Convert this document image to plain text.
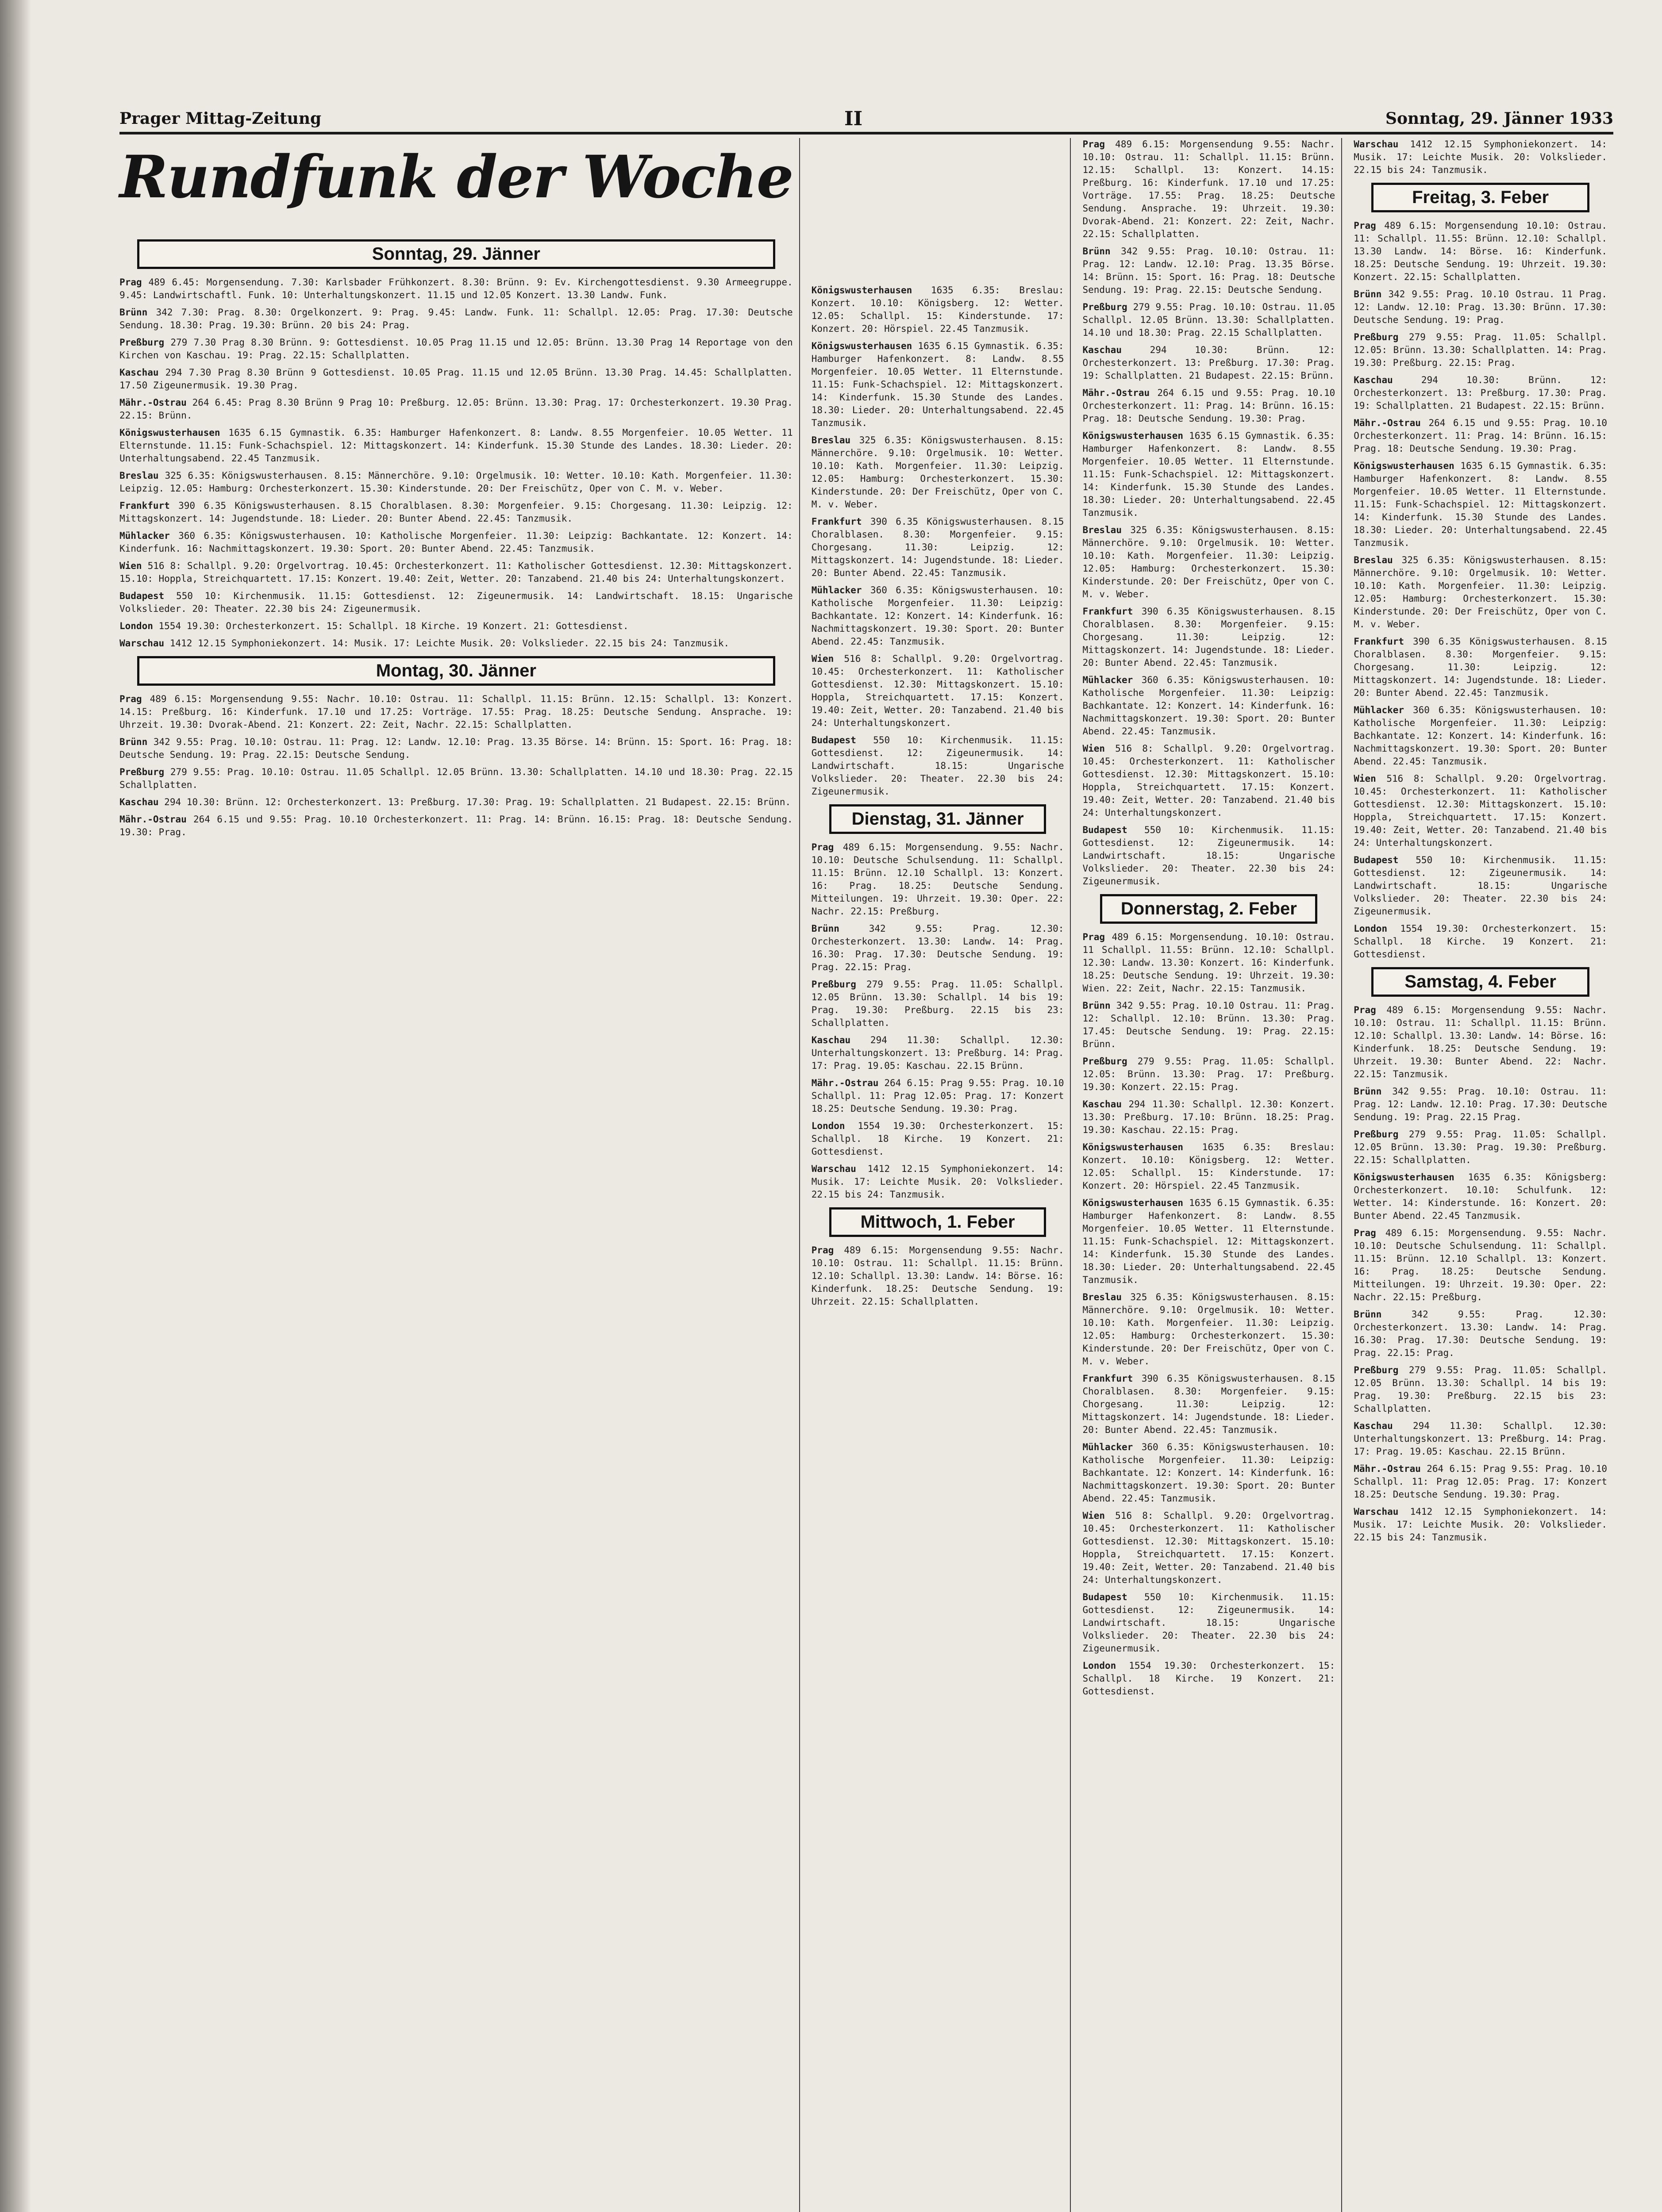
Prager Mittag-Zeitung	II	Sonntag, 29. Jänner 1933
Rundfunk der Woche
Sonntag, 29. Jänner

Prag 489 6.45: Morgensendung. 7.30: Karlsbader Frühkonzert. 8.30: Brünn. 9: Ev. Kirchengottesdienst. 9.30 Armeegruppe. 9.45: Landwirtschaftl. Funk. 10: Unterhaltungskonzert. 11.15 und 12.05 Konzert. 13.30 Landw. Funk.

Brünn 342 7.30: Prag. 8.30: Orgelkonzert. 9: Prag. 9.45: Landw. Funk. 11: Schallpl. 12.05: Prag. 17.30: Deutsche Sendung. 18.30: Prag. 19.30: Brünn. 20 bis 24: Prag.

Preßburg 279 7.30 Prag 8.30 Brünn. 9: Gottesdienst. 10.05 Prag 11.15 und 12.05: Brünn. 13.30 Prag 14 Reportage von den Kirchen von Kaschau. 19: Prag. 22.15: Schallplatten.

Kaschau 294 7.30 Prag 8.30 Brünn 9 Gottesdienst. 10.05 Prag. 11.15 und 12.05 Brünn. 13.30 Prag. 14.45: Schallplatten. 17.50 Zigeunermusik. 19.30 Prag.

Mähr.-Ostrau 264 6.45: Prag 8.30 Brünn 9 Prag 10: Preßburg. 12.05: Brünn. 13.30: Prag. 17: Orchesterkonzert. 19.30 Prag. 22.15: Brünn.

Königswusterhausen 1635 6.15 Gymnastik. 6.35: Hamburger Hafenkonzert. 8: Landw. 8.55 Morgenfeier. 10.05 Wetter. 11 Elternstunde. 11.15: Funk-Schachspiel. 12: Mittagskonzert. 14: Kinderfunk. 15.30 Stunde des Landes. 18.30: Lieder. 20: Unterhaltungsabend. 22.45 Tanzmusik.

Breslau 325 6.35: Königswusterhausen. 8.15: Männerchöre. 9.10: Orgelmusik. 10: Wetter. 10.10: Kath. Morgenfeier. 11.30: Leipzig. 12.05: Hamburg: Orchesterkonzert. 15.30: Kinderstunde. 20: Der Freischütz, Oper von C. M. v. Weber.

Frankfurt 390 6.35 Königswusterhausen. 8.15 Choralblasen. 8.30: Morgenfeier. 9.15: Chorgesang. 11.30: Leipzig. 12: Mittagskonzert. 14: Jugendstunde. 18: Lieder. 20: Bunter Abend. 22.45: Tanzmusik.

Mühlacker 360 6.35: Königswusterhausen. 10: Katholische Morgenfeier. 11.30: Leipzig: Bachkantate. 12: Konzert. 14: Kinderfunk. 16: Nachmittagskonzert. 19.30: Sport. 20: Bunter Abend. 22.45: Tanzmusik.

Wien 516 8: Schallpl. 9.20: Orgelvortrag. 10.45: Orchesterkonzert. 11: Katholischer Gottesdienst. 12.30: Mittagskonzert. 15.10: Hoppla, Streichquartett. 17.15: Konzert. 19.40: Zeit, Wetter. 20: Tanzabend. 21.40 bis 24: Unterhaltungskonzert.

Budapest 550 10: Kirchenmusik. 11.15: Gottesdienst. 12: Zigeunermusik. 14: Landwirtschaft. 18.15: Ungarische Volkslieder. 20: Theater. 22.30 bis 24: Zigeunermusik.

London 1554 19.30: Orchesterkonzert. 15: Schallpl. 18 Kirche. 19 Konzert. 21: Gottesdienst.

Warschau 1412 12.15 Symphoniekonzert. 14: Musik. 17: Leichte Musik. 20: Volkslieder. 22.15 bis 24: Tanzmusik.

Montag, 30. Jänner

Prag 489 6.15: Morgensendung 9.55: Nachr. 10.10: Ostrau. 11: Schallpl. 11.15: Brünn. 12.15: Schallpl. 13: Konzert. 14.15: Preßburg. 16: Kinderfunk. 17.10 und 17.25: Vorträge. 17.55: Prag. 18.25: Deutsche Sendung. Ansprache. 19: Uhrzeit. 19.30: Dvorak-Abend. 21: Konzert. 22: Zeit, Nachr. 22.15: Schallplatten.

Brünn 342 9.55: Prag. 10.10: Ostrau. 11: Prag. 12: Landw. 12.10: Prag. 13.35 Börse. 14: Brünn. 15: Sport. 16: Prag. 18: Deutsche Sendung. 19: Prag. 22.15: Deutsche Sendung.

Preßburg 279 9.55: Prag. 10.10: Ostrau. 11.05 Schallpl. 12.05 Brünn. 13.30: Schallplatten. 14.10 und 18.30: Prag. 22.15 Schallplatten.

Kaschau 294 10.30: Brünn. 12: Orchesterkonzert. 13: Preßburg. 17.30: Prag. 19: Schallplatten. 21 Budapest. 22.15: Brünn.

Mähr.-Ostrau 264 6.15 und 9.55: Prag. 10.10 Orchesterkonzert. 11: Prag. 14: Brünn. 16.15: Prag. 18: Deutsche Sendung. 19.30: Prag.

Königswusterhausen 1635 6.35: Breslau: Konzert. 10.10: Königsberg. 12: Wetter. 12.05: Schallpl. 15: Kinderstunde. 17: Konzert. 20: Hörspiel. 22.45 Tanzmusik.

Königswusterhausen 1635 6.15 Gymnastik. 6.35: Hamburger Hafenkonzert. 8: Landw. 8.55 Morgenfeier. 10.05 Wetter. 11 Elternstunde. 11.15: Funk-Schachspiel. 12: Mittagskonzert. 14: Kinderfunk. 15.30 Stunde des Landes. 18.30: Lieder. 20: Unterhaltungsabend. 22.45 Tanzmusik.

Breslau 325 6.35: Königswusterhausen. 8.15: Männerchöre. 9.10: Orgelmusik. 10: Wetter. 10.10: Kath. Morgenfeier. 11.30: Leipzig. 12.05: Hamburg: Orchesterkonzert. 15.30: Kinderstunde. 20: Der Freischütz, Oper von C. M. v. Weber.

Frankfurt 390 6.35 Königswusterhausen. 8.15 Choralblasen. 8.30: Morgenfeier. 9.15: Chorgesang. 11.30: Leipzig. 12: Mittagskonzert. 14: Jugendstunde. 18: Lieder. 20: Bunter Abend. 22.45: Tanzmusik.

Mühlacker 360 6.35: Königswusterhausen. 10: Katholische Morgenfeier. 11.30: Leipzig: Bachkantate. 12: Konzert. 14: Kinderfunk. 16: Nachmittagskonzert. 19.30: Sport. 20: Bunter Abend. 22.45: Tanzmusik.

Wien 516 8: Schallpl. 9.20: Orgelvortrag. 10.45: Orchesterkonzert. 11: Katholischer Gottesdienst. 12.30: Mittagskonzert. 15.10: Hoppla, Streichquartett. 17.15: Konzert. 19.40: Zeit, Wetter. 20: Tanzabend. 21.40 bis 24: Unterhaltungskonzert.

Budapest 550 10: Kirchenmusik. 11.15: Gottesdienst. 12: Zigeunermusik. 14: Landwirtschaft. 18.15: Ungarische Volkslieder. 20: Theater. 22.30 bis 24: Zigeunermusik.

Dienstag, 31. Jänner

Prag 489 6.15: Morgensendung. 9.55: Nachr. 10.10: Deutsche Schulsendung. 11: Schallpl. 11.15: Brünn. 12.10 Schallpl. 13: Konzert. 16: Prag. 18.25: Deutsche Sendung. Mitteilungen. 19: Uhrzeit. 19.30: Oper. 22: Nachr. 22.15: Preßburg.

Brünn	342 9.55: Prag. 12.30: Orchesterkonzert. 13.30: Landw. 14: Prag. 16.30: Prag. 17.30: Deutsche Sendung. 19: Prag. 22.15: Prag.

Preßburg 279 9.55: Prag. 11.05: Schallpl. 12.05 Brünn. 13.30: Schallpl. 14 bis 19: Prag. 19.30: Preßburg. 22.15 bis 23: Schallplatten.

Kaschau 294 11.30: Schallpl. 12.30: Unterhaltungskonzert. 13: Preßburg. 14: Prag. 17: Prag. 19.05: Kaschau. 22.15 Brünn.

Mähr.-Ostrau 264 6.15: Prag 9.55: Prag. 10.10 Schallpl. 11: Prag 12.05: Prag. 17: Konzert 18.25: Deutsche Sendung. 19.30: Prag.

London 1554 19.30: Orchesterkonzert. 15: Schallpl. 18 Kirche. 19 Konzert. 21: Gottesdienst.

Warschau 1412 12.15 Symphoniekonzert. 14: Musik. 17: Leichte Musik. 20: Volkslieder. 22.15 bis 24: Tanzmusik.

Mittwoch, 1. Feber

Prag 489 6.15: Morgensendung 9.55: Nachr. 10.10: Ostrau. 11: Schallpl. 11.15: Brünn. 12.10: Schallpl. 13.30: Landw. 14: Börse. 16: Kinderfunk. 18.25: Deutsche Sendung. 19: Uhrzeit. 22.15: Schallplatten.

Prag 489 6.15: Morgensendung 9.55: Nachr. 10.10: Ostrau. 11: Schallpl. 11.15: Brünn. 12.15: Schallpl. 13: Konzert. 14.15: Preßburg. 16: Kinderfunk. 17.10 und 17.25: Vorträge. 17.55: Prag. 18.25: Deutsche Sendung. Ansprache. 19: Uhrzeit. 19.30: Dvorak-Abend. 21: Konzert. 22: Zeit, Nachr. 22.15: Schallplatten.

Brünn 342 9.55: Prag. 10.10: Ostrau. 11: Prag. 12: Landw. 12.10: Prag. 13.35 Börse. 14: Brünn. 15: Sport. 16: Prag. 18: Deutsche Sendung. 19: Prag. 22.15: Deutsche Sendung.

Preßburg 279 9.55: Prag. 10.10: Ostrau. 11.05 Schallpl. 12.05 Brünn. 13.30: Schallplatten. 14.10 und 18.30: Prag. 22.15 Schallplatten.

Kaschau	294 10.30: Brünn. 12: Orchesterkonzert. 13: Preßburg. 17.30: Prag. 19: Schallplatten. 21 Budapest. 22.15: Brünn.

Mähr.-Ostrau 264 6.15 und 9.55: Prag. 10.10 Orchesterkonzert. 11: Prag. 14: Brünn. 16.15: Prag. 18: Deutsche Sendung. 19.30: Prag.

Königswusterhausen 1635 6.15 Gymnastik. 6.35: Hamburger Hafenkonzert. 8: Landw. 8.55 Morgenfeier. 10.05 Wetter. 11 Elternstunde. 11.15: Funk-Schachspiel. 12: Mittagskonzert. 14: Kinderfunk. 15.30 Stunde des Landes. 18.30: Lieder. 20: Unterhaltungsabend. 22.45 Tanzmusik.

Breslau 325 6.35: Königswusterhausen. 8.15: Männerchöre. 9.10: Orgelmusik. 10: Wetter. 10.10: Kath. Morgenfeier. 11.30: Leipzig. 12.05: Hamburg: Orchesterkonzert. 15.30: Kinderstunde. 20: Der Freischütz, Oper von C. M. v. Weber.

Frankfurt 390 6.35 Königswusterhausen. 8.15 Choralblasen. 8.30: Morgenfeier. 9.15: Chorgesang. 11.30: Leipzig. 12: Mittagskonzert. 14: Jugendstunde. 18: Lieder. 20: Bunter Abend. 22.45: Tanzmusik.

Mühlacker 360 6.35: Königswusterhausen. 10: Katholische Morgenfeier. 11.30: Leipzig: Bachkantate. 12: Konzert. 14: Kinderfunk. 16: Nachmittagskonzert. 19.30: Sport. 20: Bunter Abend. 22.45: Tanzmusik.

Wien 516 8: Schallpl. 9.20: Orgelvortrag. 10.45: Orchesterkonzert. 11: Katholischer Gottesdienst. 12.30: Mittagskonzert. 15.10: Hoppla, Streichquartett. 17.15: Konzert. 19.40: Zeit, Wetter. 20: Tanzabend. 21.40 bis 24: Unterhaltungskonzert.

Budapest 550 10: Kirchenmusik. 11.15: Gottesdienst. 12: Zigeunermusik. 14: Landwirtschaft. 18.15: Ungarische Volkslieder. 20: Theater. 22.30 bis 24: Zigeunermusik.

Donnerstag, 2. Feber

Prag 489 6.15: Morgensendung. 10.10: Ostrau. 11 Schallpl. 11.55: Brünn. 12.10: Schallpl. 12.30: Landw. 13.30: Konzert. 16: Kinderfunk. 18.25: Deutsche Sendung. 19: Uhrzeit. 19.30: Wien. 22: Zeit, Nachr. 22.15: Tanzmusik.

Brünn 342 9.55: Prag. 10.10 Ostrau. 11: Prag. 12: Schallpl. 12.10: Brünn. 13.30: Prag. 17.45: Deutsche Sendung. 19: Prag. 22.15: Brünn.

Preßburg 279 9.55: Prag. 11.05: Schallpl. 12.05: Brünn. 13.30: Prag. 17: Preßburg. 19.30: Konzert. 22.15: Prag.

Kaschau 294 11.30: Schallpl. 12.30: Konzert. 13.30: Preßburg. 17.10: Brünn. 18.25: Prag. 19.30: Kaschau. 22.15: Prag.

Königswusterhausen 1635 6.35: Breslau: Konzert. 10.10: Königsberg. 12: Wetter. 12.05: Schallpl. 15: Kinderstunde. 17: Konzert. 20: Hörspiel. 22.45 Tanzmusik.

Königswusterhausen 1635 6.15 Gymnastik. 6.35: Hamburger Hafenkonzert. 8: Landw. 8.55 Morgenfeier. 10.05 Wetter. 11 Elternstunde. 11.15: Funk-Schachspiel. 12: Mittagskonzert. 14: Kinderfunk. 15.30 Stunde des Landes. 18.30: Lieder. 20: Unterhaltungsabend. 22.45 Tanzmusik.

Breslau 325 6.35: Königswusterhausen. 8.15: Männerchöre. 9.10: Orgelmusik. 10: Wetter. 10.10: Kath. Morgenfeier. 11.30: Leipzig. 12.05: Hamburg: Orchesterkonzert. 15.30: Kinderstunde. 20: Der Freischütz, Oper von C. M. v. Weber.

Frankfurt 390 6.35 Königswusterhausen. 8.15 Choralblasen. 8.30: Morgenfeier. 9.15: Chorgesang. 11.30: Leipzig. 12: Mittagskonzert. 14: Jugendstunde. 18: Lieder. 20: Bunter Abend. 22.45: Tanzmusik.

Mühlacker 360 6.35: Königswusterhausen. 10: Katholische Morgenfeier. 11.30: Leipzig: Bachkantate. 12: Konzert. 14: Kinderfunk. 16: Nachmittagskonzert. 19.30: Sport. 20: Bunter Abend. 22.45: Tanzmusik.

Wien 516 8: Schallpl. 9.20: Orgelvortrag. 10.45: Orchesterkonzert. 11: Katholischer Gottesdienst. 12.30: Mittagskonzert. 15.10: Hoppla, Streichquartett. 17.15: Konzert. 19.40: Zeit, Wetter. 20: Tanzabend. 21.40 bis 24: Unterhaltungskonzert.

Budapest 550 10: Kirchenmusik. 11.15: Gottesdienst. 12: Zigeunermusik. 14: Landwirtschaft. 18.15: Ungarische Volkslieder. 20: Theater. 22.30 bis 24: Zigeunermusik.

London 1554 19.30: Orchesterkonzert. 15: Schallpl. 18 Kirche. 19 Konzert. 21: Gottesdienst.

Warschau 1412 12.15 Symphoniekonzert. 14: Musik. 17: Leichte Musik. 20: Volkslieder. 22.15 bis 24: Tanzmusik.

Freitag, 3. Feber

Prag 489 6.15: Morgensendung 10.10: Ostrau. 11: Schallpl. 11.55: Brünn. 12.10: Schallpl. 13.30 Landw. 14: Börse. 16: Kinderfunk. 18.25: Deutsche Sendung. 19: Uhrzeit. 19.30: Konzert. 22.15: Schallplatten.

Brünn 342 9.55: Prag. 10.10 Ostrau. 11 Prag. 12: Landw. 12.10: Prag. 13.30: Brünn. 17.30: Deutsche Sendung. 19: Prag.

Preßburg 279 9.55: Prag. 11.05: Schallpl. 12.05: Brünn. 13.30: Schallplatten. 14: Prag. 19.30: Preßburg. 22.15: Prag.

Kaschau	294 10.30: Brünn. 12: Orchesterkonzert. 13: Preßburg. 17.30: Prag. 19: Schallplatten. 21 Budapest. 22.15: Brünn.

Mähr.-Ostrau 264 6.15 und 9.55: Prag. 10.10 Orchesterkonzert. 11: Prag. 14: Brünn. 16.15: Prag. 18: Deutsche Sendung. 19.30: Prag.

Königswusterhausen 1635 6.15 Gymnastik. 6.35: Hamburger Hafenkonzert. 8: Landw. 8.55 Morgenfeier. 10.05 Wetter. 11 Elternstunde. 11.15: Funk-Schachspiel. 12: Mittagskonzert. 14: Kinderfunk. 15.30 Stunde des Landes. 18.30: Lieder. 20: Unterhaltungsabend. 22.45 Tanzmusik.

Breslau 325 6.35: Königswusterhausen. 8.15: Männerchöre. 9.10: Orgelmusik. 10: Wetter. 10.10: Kath. Morgenfeier. 11.30: Leipzig. 12.05: Hamburg: Orchesterkonzert. 15.30: Kinderstunde. 20: Der Freischütz, Oper von C. M. v. Weber.

Frankfurt 390 6.35 Königswusterhausen. 8.15 Choralblasen. 8.30: Morgenfeier. 9.15: Chorgesang. 11.30: Leipzig. 12: Mittagskonzert. 14: Jugendstunde. 18: Lieder. 20: Bunter Abend. 22.45: Tanzmusik.

Mühlacker 360 6.35: Königswusterhausen. 10: Katholische Morgenfeier. 11.30: Leipzig: Bachkantate. 12: Konzert. 14: Kinderfunk. 16: Nachmittagskonzert. 19.30: Sport. 20: Bunter Abend. 22.45: Tanzmusik.

Wien 516 8: Schallpl. 9.20: Orgelvortrag. 10.45: Orchesterkonzert. 11: Katholischer Gottesdienst. 12.30: Mittagskonzert. 15.10: Hoppla, Streichquartett. 17.15: Konzert. 19.40: Zeit, Wetter. 20: Tanzabend. 21.40 bis 24: Unterhaltungskonzert.

Budapest 550 10: Kirchenmusik. 11.15: Gottesdienst. 12: Zigeunermusik. 14: Landwirtschaft. 18.15: Ungarische Volkslieder. 20: Theater. 22.30 bis 24: Zigeunermusik.

London 1554 19.30: Orchesterkonzert. 15: Schallpl. 18 Kirche. 19 Konzert. 21: Gottesdienst.

Samstag, 4. Feber

Prag 489 6.15: Morgensendung 9.55: Nachr. 10.10: Ostrau. 11: Schallpl. 11.15: Brünn. 12.10: Schallpl. 13.30: Landw. 14: Börse. 16: Kinderfunk. 18.25: Deutsche Sendung. 19: Uhrzeit. 19.30: Bunter Abend. 22: Nachr. 22.15: Tanzmusik.

Brünn 342 9.55: Prag. 10.10: Ostrau. 11: Prag. 12: Landw. 12.10: Prag. 17.30: Deutsche Sendung. 19: Prag. 22.15 Prag.

Preßburg 279 9.55: Prag. 11.05: Schallpl. 12.05 Brünn. 13.30: Prag. 19.30: Preßburg. 22.15: Schallplatten.

Königswusterhausen 1635 6.35: Königsberg: Orchesterkonzert. 10.10: Schulfunk. 12: Wetter. 14: Kinderstunde. 16: Konzert. 20: Bunter Abend. 22.45 Tanzmusik.

Prag 489 6.15: Morgensendung. 9.55: Nachr. 10.10: Deutsche Schulsendung. 11: Schallpl. 11.15: Brünn. 12.10 Schallpl. 13: Konzert. 16: Prag. 18.25: Deutsche Sendung. Mitteilungen. 19: Uhrzeit. 19.30: Oper. 22: Nachr. 22.15: Preßburg.

Brünn	342 9.55: Prag. 12.30: Orchesterkonzert. 13.30: Landw. 14: Prag. 16.30: Prag. 17.30: Deutsche Sendung. 19: Prag. 22.15: Prag.

Preßburg 279 9.55: Prag. 11.05: Schallpl. 12.05 Brünn. 13.30: Schallpl. 14 bis 19: Prag. 19.30: Preßburg. 22.15 bis 23: Schallplatten.

Kaschau 294 11.30: Schallpl. 12.30: Unterhaltungskonzert. 13: Preßburg. 14: Prag. 17: Prag. 19.05: Kaschau. 22.15 Brünn.

Mähr.-Ostrau 264 6.15: Prag 9.55: Prag. 10.10 Schallpl. 11: Prag 12.05: Prag. 17: Konzert 18.25: Deutsche Sendung. 19.30: Prag.

Warschau 1412 12.15 Symphoniekonzert. 14: Musik. 17: Leichte Musik. 20: Volkslieder. 22.15 bis 24: Tanzmusik.
